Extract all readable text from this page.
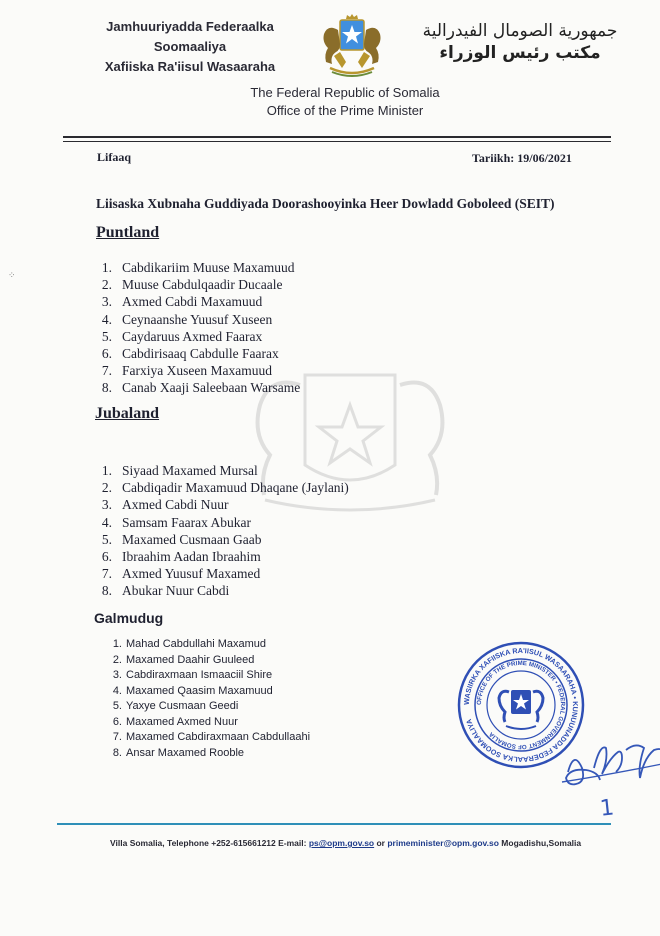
Jamhuuriyadda Federaalka Soomaaliya
Xafiiska Ra'iisul Wasaaraha
جمهورية الصومال الفيدرالية
مكتب رئيس الوزراء
The Federal Republic of Somalia
Office of the Prime Minister
Lifaaq	Tariikh: 19/06/2021
Liisaska Xubnaha Guddiyada Doorashooyinka Heer Dowladd Goboleed (SEIT)
Puntland
1. Cabdikariim Muuse Maxamuud
2. Muuse Cabdulqaadir Ducaale
3. Axmed Cabdi Maxamuud
4. Ceynaanshe Yuusuf Xuseen
5. Caydaruus Axmed Faarax
6. Cabdirisaaq Cabdulle Faarax
7. Farxiya Xuseen Maxamuud
8. Canab Xaaji Saleebaan Warsame
Jubaland
1. Siyaad Maxamed Mursal
2. Cabdiqadir Maxamuud Dhaqane (Jaylani)
3. Axmed Cabdi Nuur
4. Samsam Faarax Abukar
5. Maxamed Cusmaan Gaab
6. Ibraahim Aadan Ibraahim
7. Axmed Yuusuf Maxamed
8. Abukar Nuur Cabdi
Galmudug
1. Mahad Cabdullahi Maxamud
2. Maxamed Daahir Guuleed
3. Cabdiraxmaan Ismaaciil Shire
4. Maxamed Qaasim Maxamuud
5. Yaxye Cusmaan Geedi
6. Maxamed Axmed Nuur
7. Maxamed Cabdiraxmaan Cabdullaahi
8. Ansar Maxamed Rooble
WASIIRKA XAFIISKA RA'IISUL WASAARAHA • KUNUUNADDA FEDERAALKA SOOMAALIYA
OFFICE OF THE PRIME MINISTER • FEDERAL GOVERNMENT OF SOMALIA
1
⁘
Villa Somalia, Telephone +252-615661212 E-mail: ps@opm.gov.so or primeminister@opm.gov.so Mogadishu,Somalia
